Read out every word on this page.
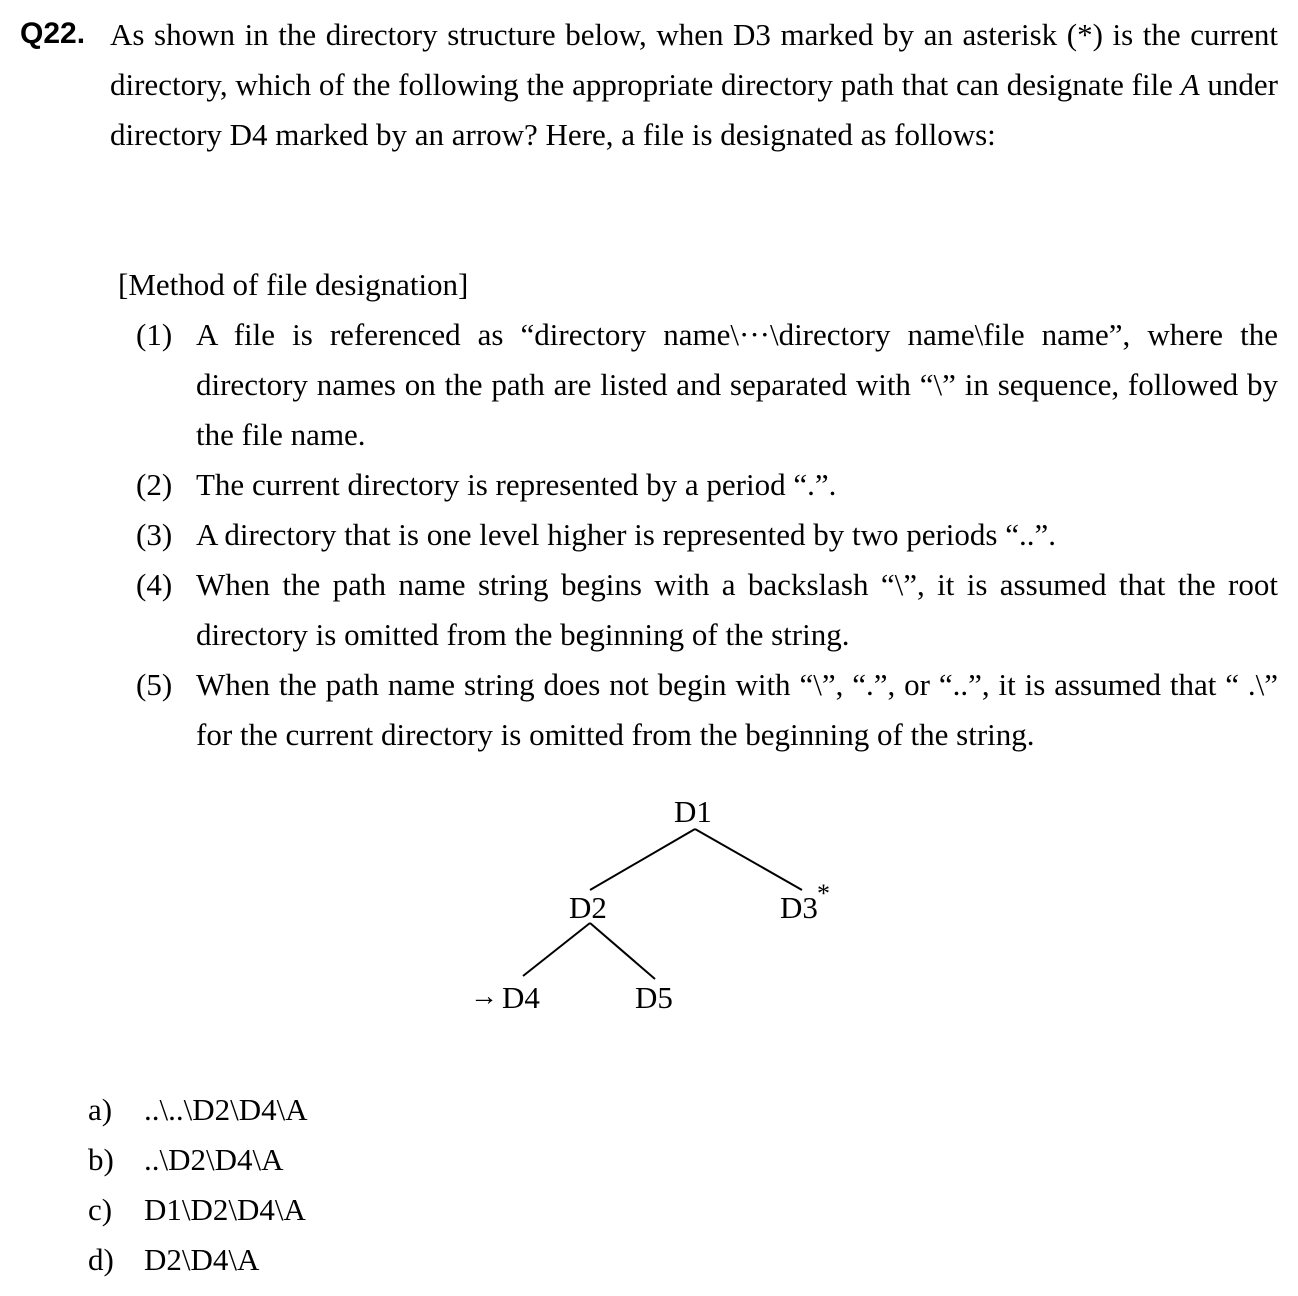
Q22. As shown in the directory structure below, when D3 marked by an asterisk (*) is the current directory, which of the following the appropriate directory path that can designate file A under directory D4 marked by an arrow? Here, a file is designated as follows:
[Method of file designation]
(1) A file is referenced as “directory name\···\directory name\file name”, where the directory names on the path are listed and separated with “\” in sequence, followed by the file name.
(2) The current directory is represented by a period “.”.
(3) A directory that is one level higher is represented by two periods “..”.
(4) When the path name string begins with a backslash “\”, it is assumed that the root directory is omitted from the beginning of the string.
(5) When the path name string does not begin with “\”, “.”, or “..”, it is assumed that “ .\” for the current directory is omitted from the beginning of the string.
D1
D2	D3 *
→ D4	D5
a) ..\..\D2\D4\A
b) ..\D2\D4\A
c) D1\D2\D4\A
d) D2\D4\A
